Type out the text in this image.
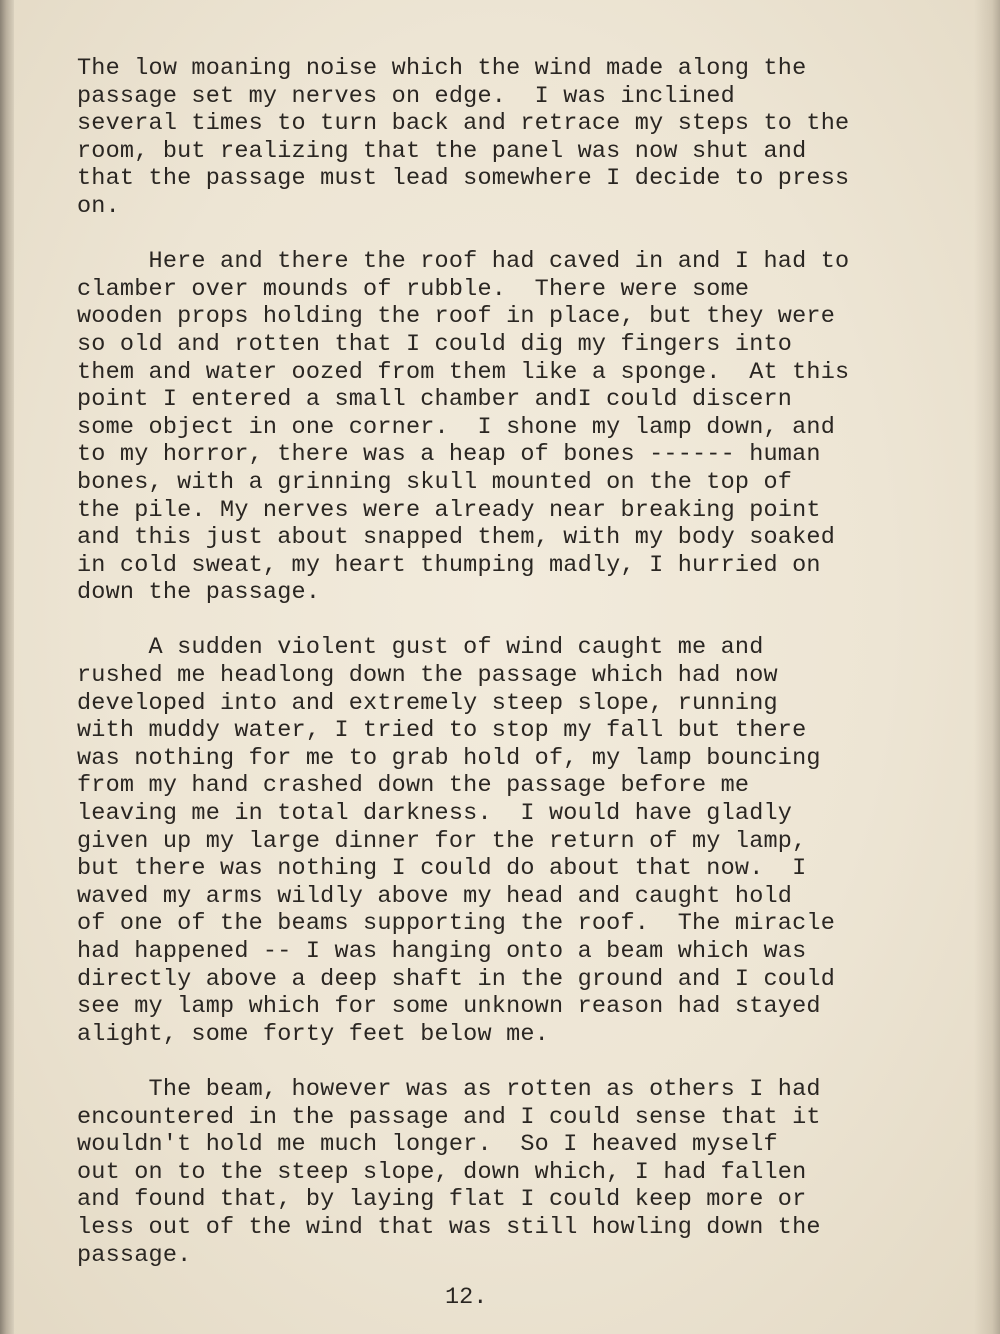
The low moaning noise which the wind made along the
passage set my nerves on edge.  I was inclined
several times to turn back and retrace my steps to the
room, but realizing that the panel was now shut and
that the passage must lead somewhere I decide to press
on.
Here and there the roof had caved in and I had to
clamber over mounds of rubble.  There were some
wooden props holding the roof in place, but they were
so old and rotten that I could dig my fingers into
them and water oozed from them like a sponge.  At this
point I entered a small chamber andI could discern
some object in one corner.  I shone my lamp down, and
to my horror, there was a heap of bones ------ human
bones, with a grinning skull mounted on the top of
the pile. My nerves were already near breaking point
and this just about snapped them, with my body soaked
in cold sweat, my heart thumping madly, I hurried on
down the passage.
A sudden violent gust of wind caught me and
rushed me headlong down the passage which had now
developed into and extremely steep slope, running
with muddy water, I tried to stop my fall but there
was nothing for me to grab hold of, my lamp bouncing
from my hand crashed down the passage before me
leaving me in total darkness.  I would have gladly
given up my large dinner for the return of my lamp,
but there was nothing I could do about that now.  I
waved my arms wildly above my head and caught hold
of one of the beams supporting the roof.  The miracle
had happened -- I was hanging onto a beam which was
directly above a deep shaft in the ground and I could
see my lamp which for some unknown reason had stayed
alight, some forty feet below me.
The beam, however was as rotten as others I had
encountered in the passage and I could sense that it
wouldn't hold me much longer.  So I heaved myself
out on to the steep slope, down which, I had fallen
and found that, by laying flat I could keep more or
less out of the wind that was still howling down the
passage.
12.
